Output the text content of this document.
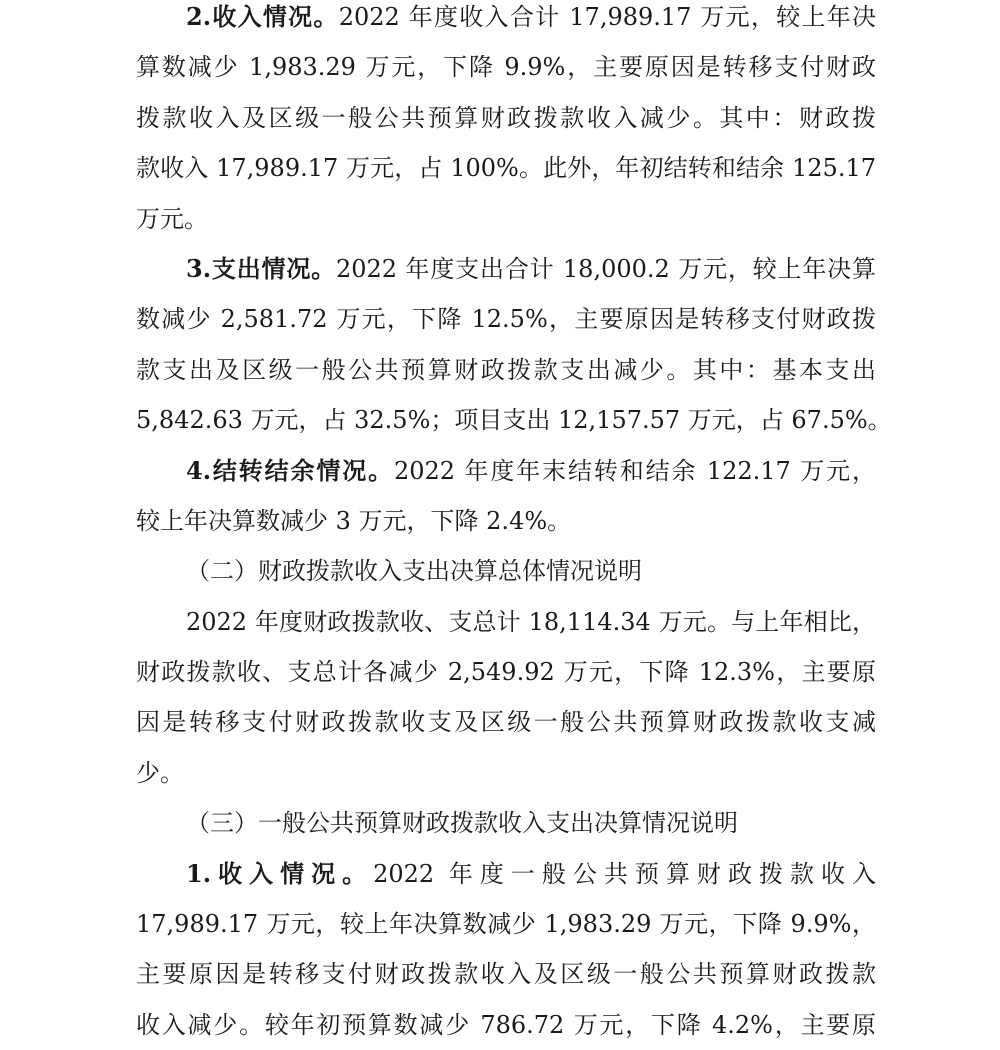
2.收入情况。2022 年度收入合计 17,989.17 万元，较上年决
算数减少 1,983.29 万元，下降 9.9%，主要原因是转移支付财政
拨款收入及区级一般公共预算财政拨款收入减少。其中：财政拨
款收入 17,989.17 万元，占 100%。此外，年初结转和结余 125.17
万元。
3.支出情况。2022 年度支出合计 18,000.2 万元，较上年决算
数减少 2,581.72 万元，下降 12.5%，主要原因是转移支付财政拨
款支出及区级一般公共预算财政拨款支出减少。其中：基本支出
5,842.63 万元，占 32.5%；项目支出 12,157.57 万元，占 67.5%。
4.结转结余情况。2022 年度年末结转和结余 122.17 万元，
较上年决算数减少 3 万元，下降 2.4%。
（二）财政拨款收入支出决算总体情况说明
2022 年度财政拨款收、支总计 18,114.34 万元。与上年相比，
财政拨款收、支总计各减少 2,549.92 万元，下降 12.3%，主要原
因是转移支付财政拨款收支及区级一般公共预算财政拨款收支减
少。
（三）一般公共预算财政拨款收入支出决算情况说明
1.收入情况。2022 年度一般公共预算财政拨款收入
17,989.17 万元，较上年决算数减少 1,983.29 万元，下降 9.9%，
主要原因是转移支付财政拨款收入及区级一般公共预算财政拨款
收入减少。较年初预算数减少 786.72 万元，下降 4.2%，主要原
